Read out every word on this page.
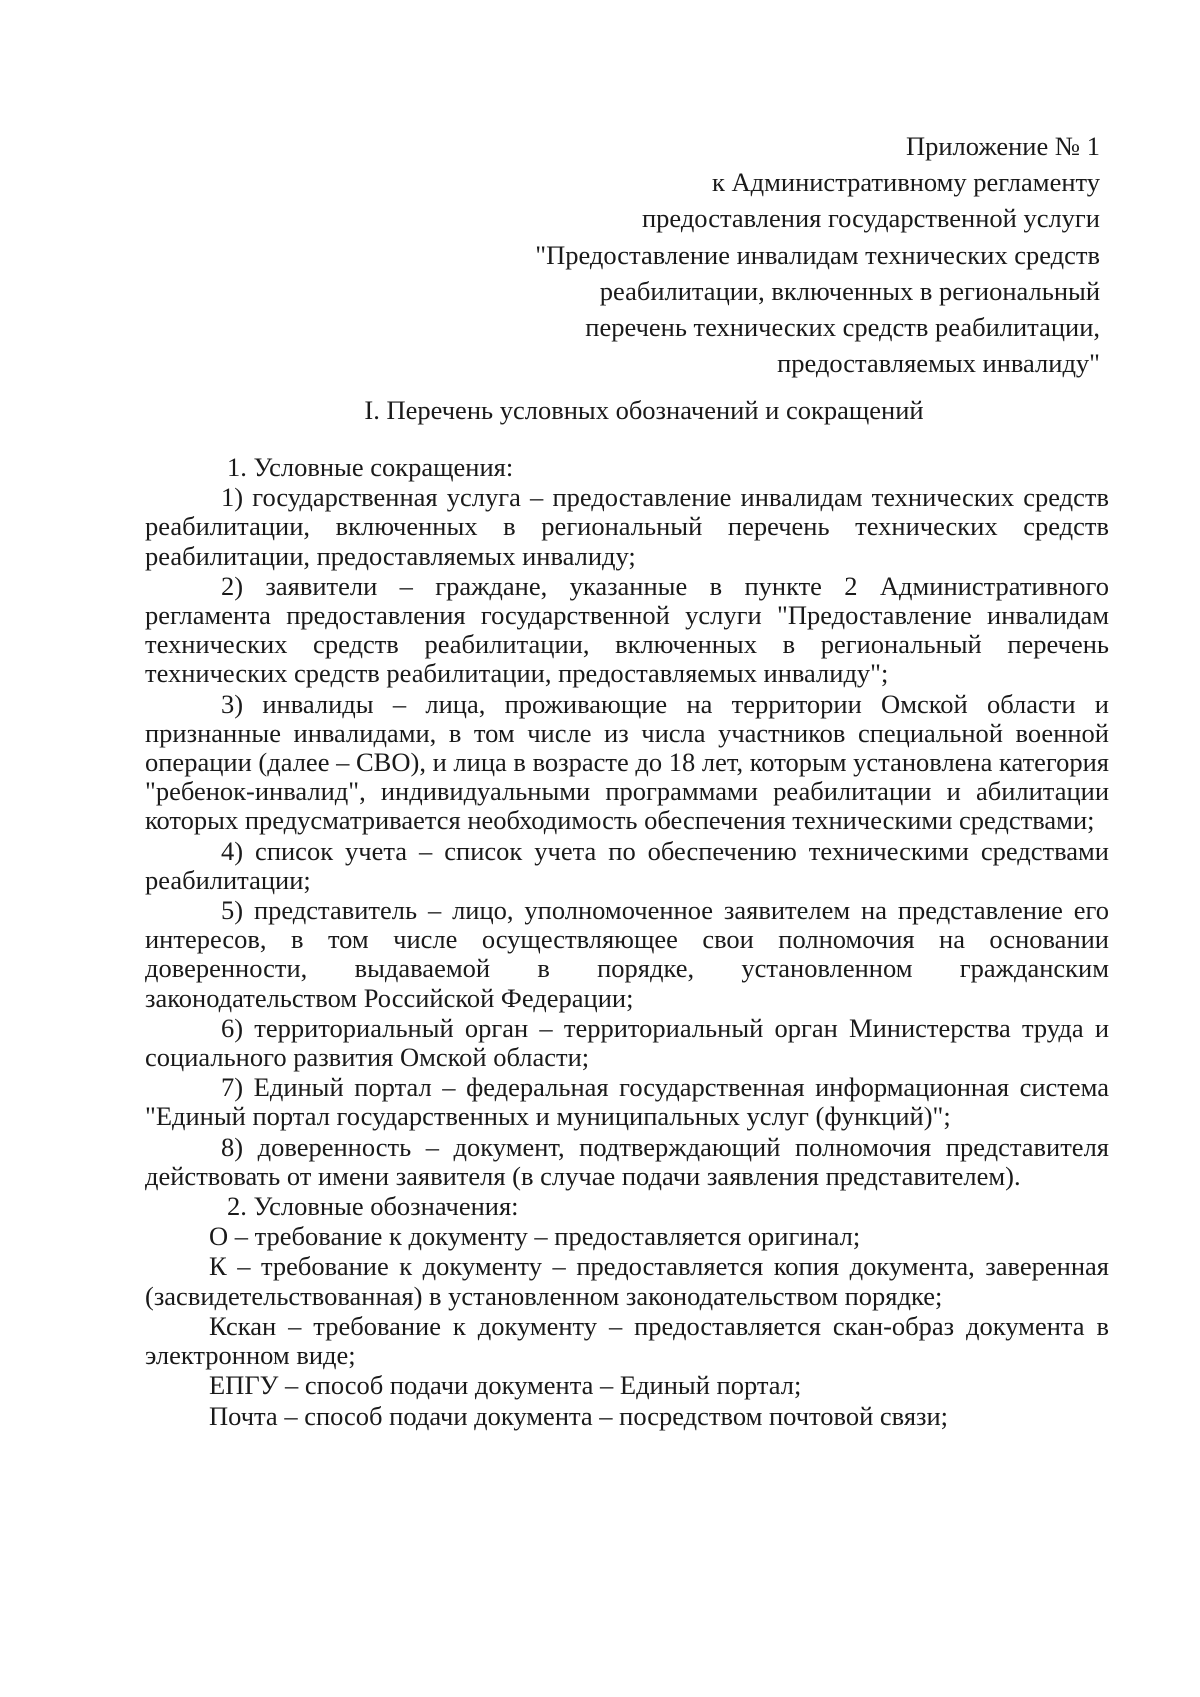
Приложение № 1
к Административному регламенту
предоставления государственной услуги
"Предоставление инвалидам технических средств
реабилитации, включенных в региональный
перечень технических средств реабилитации,
предоставляемых инвалиду"
I. Перечень условных обозначений и сокращений

1. Условные сокращения:

1) государственная услуга – предоставление инвалидам технических средств реабилитации, включенных в региональный перечень технических средств реабилитации, предоставляемых инвалиду;

2) заявители – граждане, указанные в пункте 2 Административного регламента предоставления государственной услуги "Предоставление инвалидам технических средств реабилитации, включенных в региональный перечень технических средств реабилитации, предоставляемых инвалиду";

3) инвалиды – лица, проживающие на территории Омской области и признанные инвалидами, в том числе из числа участников специальной военной операции (далее – СВО), и лица в возрасте до 18 лет, которым установлена категория "ребенок-инвалид", индивидуальными программами реабилитации и абилитации которых предусматривается необходимость обеспечения техническими средствами;

4) список учета – список учета по обеспечению техническими средствами реабилитации;

5) представитель – лицо, уполномоченное заявителем на представление его интересов, в том числе осуществляющее свои полномочия на основании доверенности, выдаваемой в порядке, установленном гражданским законодательством Российской Федерации;

6) территориальный орган – территориальный орган Министерства труда и социального развития Омской области;

7) Единый портал – федеральная государственная информационная система "Единый портал государственных и муниципальных услуг (функций)";

8) доверенность – документ, подтверждающий полномочия представителя действовать от имени заявителя (в случае подачи заявления представителем).

2. Условные обозначения:

О – требование к документу – предоставляется оригинал;

К – требование к документу – предоставляется копия документа, заверенная (засвидетельствованная) в установленном законодательством порядке;

Кскан – требование к документу – предоставляется скан-образ документа в электронном виде;

ЕПГУ – способ подачи документа – Единый портал;

Почта – способ подачи документа – посредством почтовой связи;
